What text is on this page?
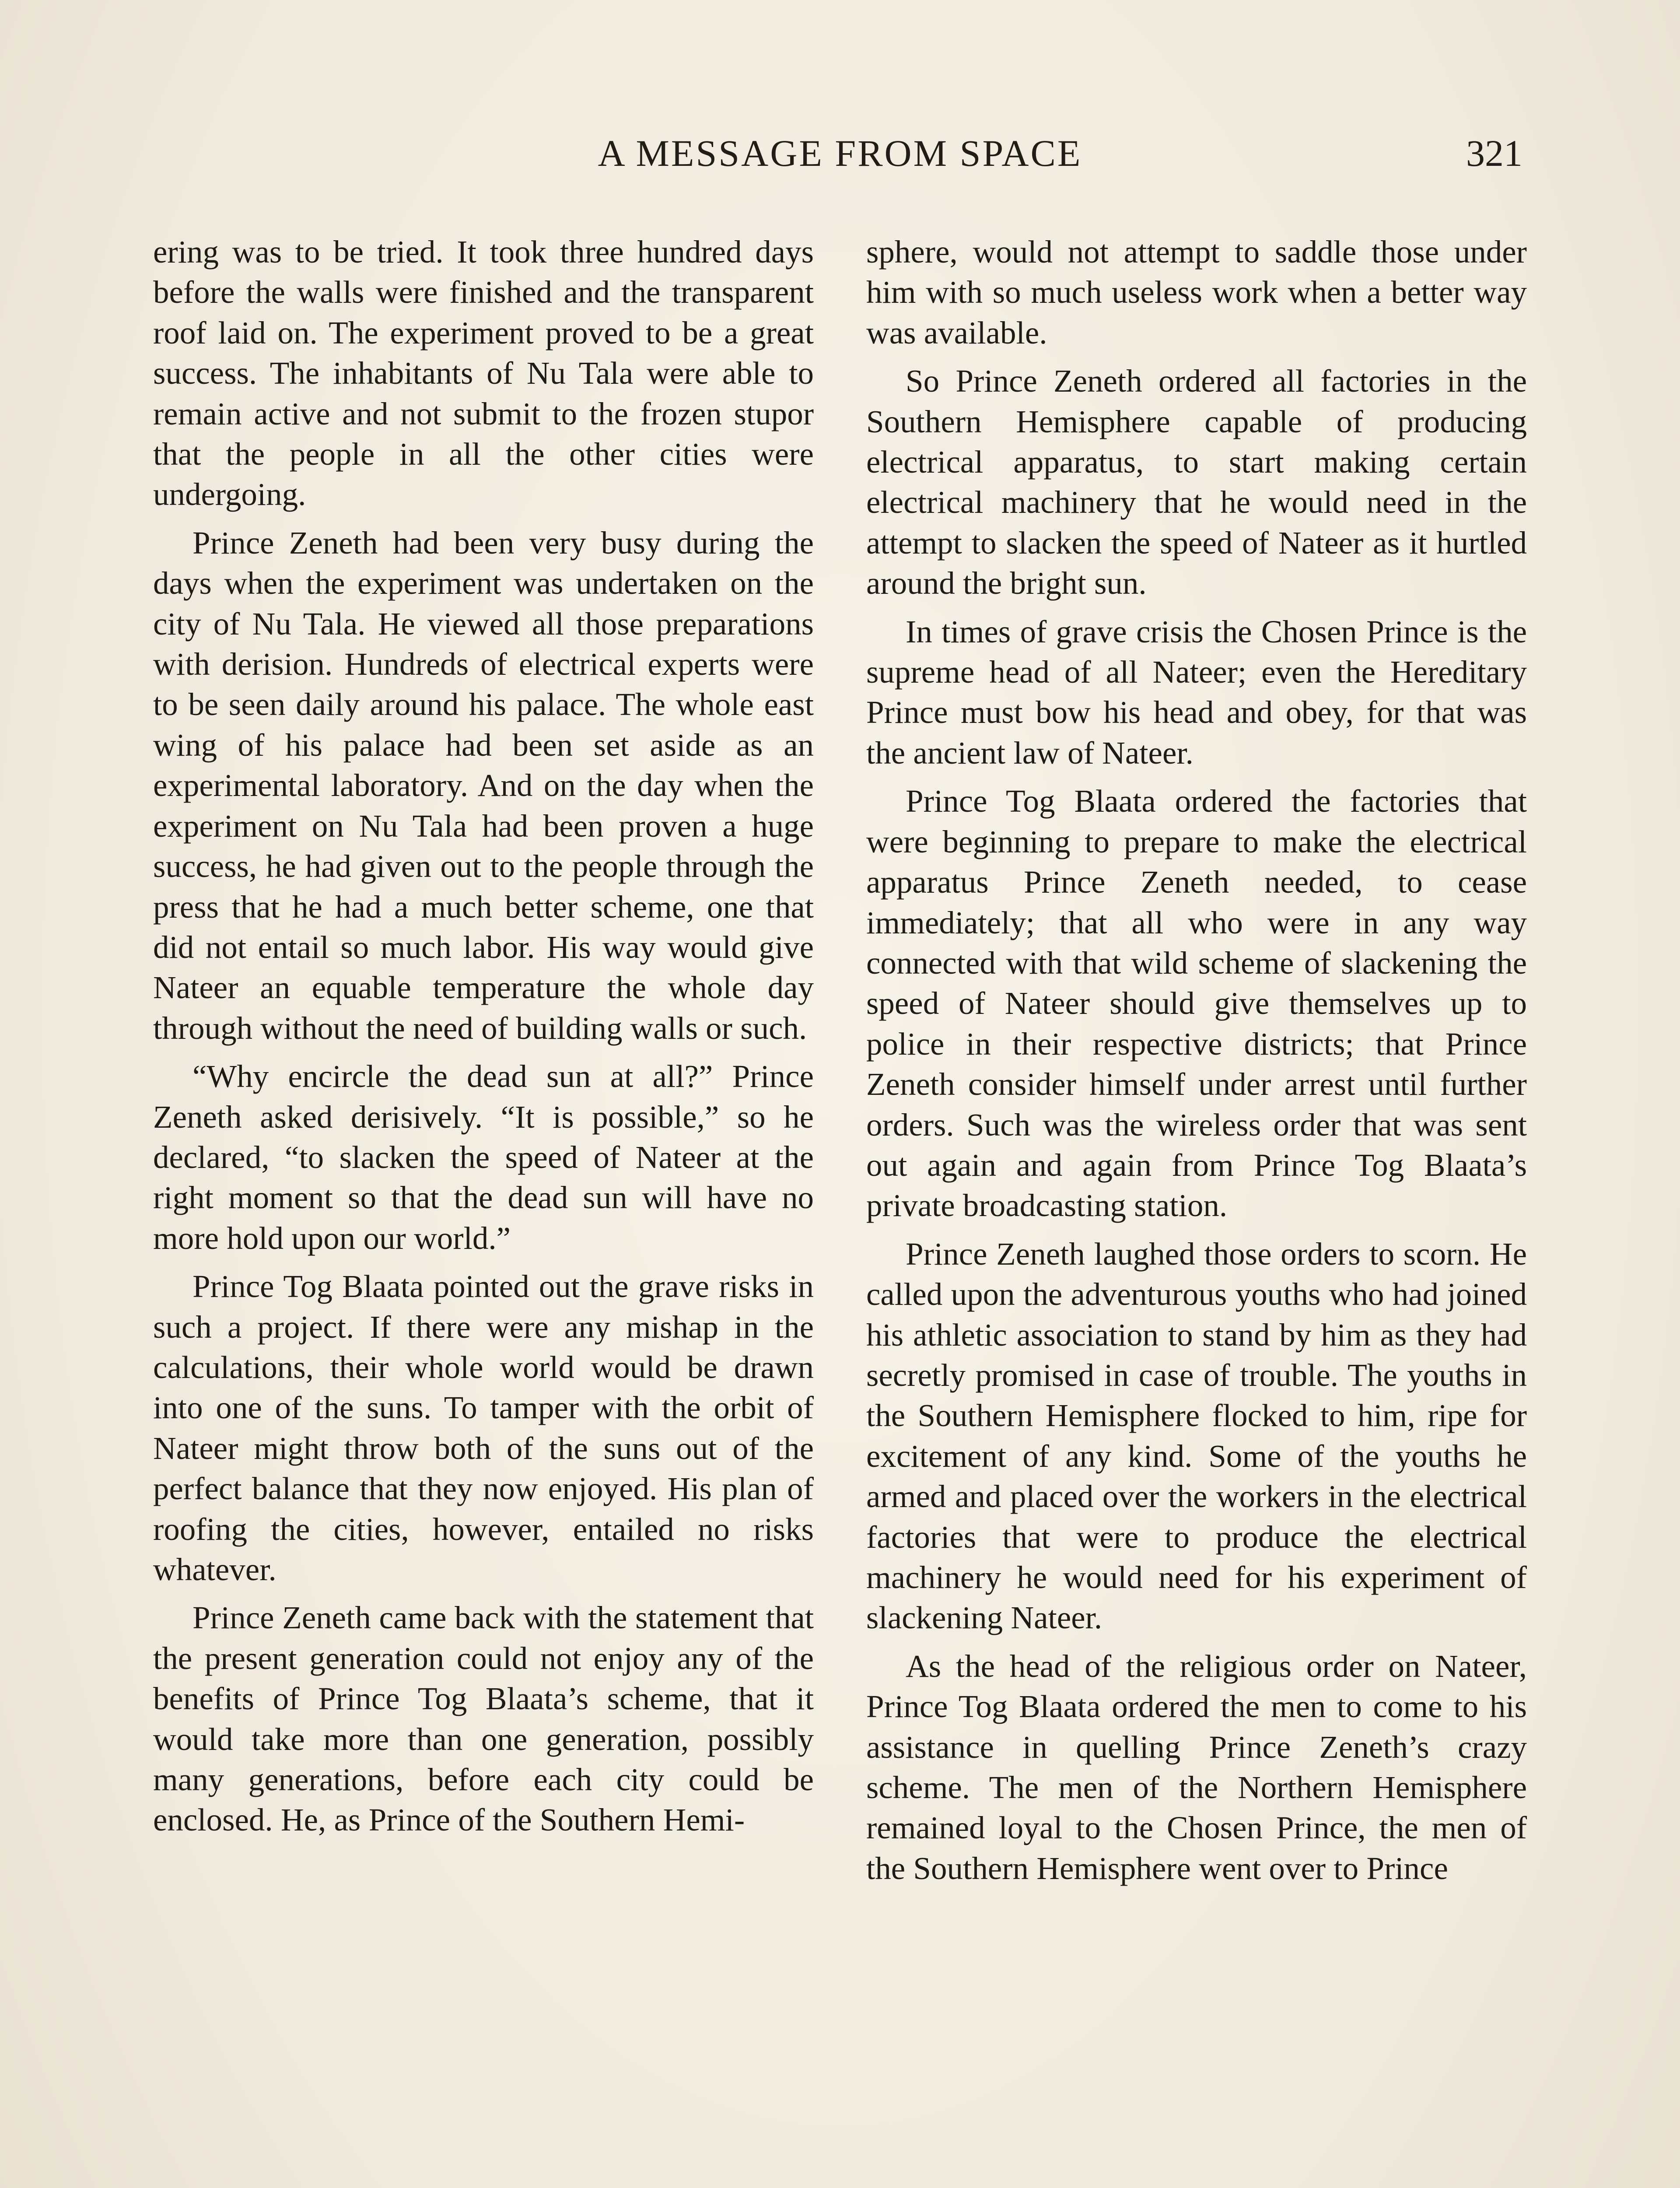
A MESSAGE FROM SPACE	321

ering was to be tried. It took three hundred days before the walls were finished and the transparent roof laid on. The experiment proved to be a great success. The inhabitants of Nu Tala were able to remain active and not submit to the frozen stupor that the people in all the other cities were undergoing.

Prince Zeneth had been very busy during the days when the experiment was undertaken on the city of Nu Tala. He viewed all those preparations with derision. Hundreds of electrical experts were to be seen daily around his palace. The whole east wing of his palace had been set aside as an experimental laboratory. And on the day when the experiment on Nu Tala had been proven a huge success, he had given out to the people through the press that he had a much better scheme, one that did not entail so much labor. His way would give Nateer an equable temperature the whole day through without the need of building walls or such.

“Why encircle the dead sun at all?” Prince Zeneth asked derisively. “It is possible,” so he declared, “to slacken the speed of Nateer at the right moment so that the dead sun will have no more hold upon our world.”

Prince Tog Blaata pointed out the grave risks in such a project. If there were any mishap in the calculations, their whole world would be drawn into one of the suns. To tamper with the orbit of Nateer might throw both of the suns out of the perfect balance that they now enjoyed. His plan of roofing the cities, however, entailed no risks whatever.

Prince Zeneth came back with the statement that the present generation could not enjoy any of the benefits of Prince Tog Blaata’s scheme, that it would take more than one generation, possibly many generations, before each city could be enclosed. He, as Prince of the Southern Hemi-

sphere, would not attempt to saddle those under him with so much useless work when a better way was available.

So Prince Zeneth ordered all factories in the Southern Hemisphere capable of producing electrical apparatus, to start making certain electrical machinery that he would need in the attempt to slacken the speed of Nateer as it hurtled around the bright sun.

In times of grave crisis the Chosen Prince is the supreme head of all Nateer; even the Hereditary Prince must bow his head and obey, for that was the ancient law of Nateer.

Prince Tog Blaata ordered the factories that were beginning to prepare to make the electrical apparatus Prince Zeneth needed, to cease immediately; that all who were in any way connected with that wild scheme of slackening the speed of Nateer should give themselves up to police in their respective districts; that Prince Zeneth consider himself under arrest until further orders. Such was the wireless order that was sent out again and again from Prince Tog Blaata’s private broadcasting station.

Prince Zeneth laughed those orders to scorn. He called upon the adventurous youths who had joined his athletic association to stand by him as they had secretly promised in case of trouble. The youths in the Southern Hemisphere flocked to him, ripe for excitement of any kind. Some of the youths he armed and placed over the workers in the electrical factories that were to produce the electrical machinery he would need for his experiment of slackening Nateer.

As the head of the religious order on Nateer, Prince Tog Blaata ordered the men to come to his assistance in quelling Prince Zeneth’s crazy scheme. The men of the Northern Hemisphere remained loyal to the Chosen Prince, the men of the Southern Hemisphere went over to Prince
